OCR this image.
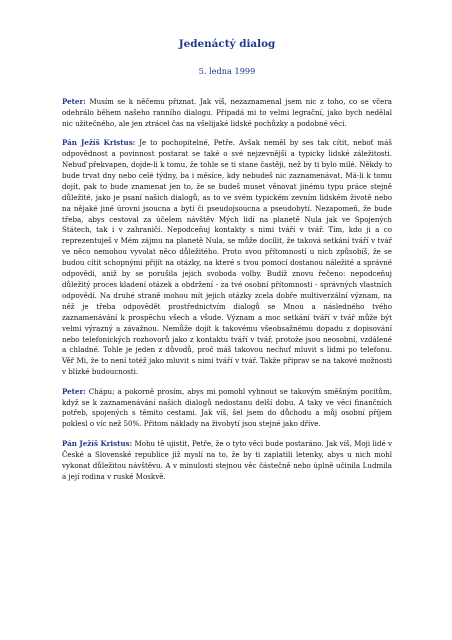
Jedenáctý dialog
5. ledna 1999

Peter: Musím se k něčemu přiznat. Jak víš, nezaznamenal jsem nic z toho, co se včera odehrálo během našeho ranního dialogu. Připadá mi to velmi legrační, jako bych nedělal nic užitečného, ale jen ztrácel čas na všelijaké lidské pochůzky a podobné věci.

Pán Ježíš Kristus: Je to pochopitelné, Petře. Avšak neměl by ses tak cítit, neboť máš odpovědnost a povinnost postarat se také o své nejzevnější a typicky lidské záležitosti. Nebuď překvapen, dojde-li k tomu, že tohle se ti stane častěji, než by ti bylo milé. Někdy to bude trvat dny nebo celé týdny, ba i měsíce, kdy nebudeš nic zaznamenávat. Má-li k tomu dojít, pak to bude znamenat jen to, že se budeš muset věnovat jinému typu práce stejně důležité, jako je psaní našich dialogů, as to ve svém typickém zevním lidském životě nebo na nějaké jiné úrovni jsoucna a bytí či pseudojsoucna a pseudobytí. Nezapomeň, že bude třeba, abys cestoval za účelem návštěv Mých lidí na planetě Nula jak ve Spojených Státech, tak i v zahraničí. Nepodceňuj kontakty s nimi tváří v tvář. Tím, kdo ji a co reprezentuješ v Mém zájmu na planetě Nula, se může docílit, že taková setkání tváří v tvář ve něco nemohou vyvolat něco důležitého. Proto svou přítomností u nich způsobíš, že se budou cítit schopnými přijít na otázky, na které s tvou pomocí dostanou náležité a správné odpovědi, aniž by se porušila jejich svoboda volby. Budiž znovu řečeno: nepodceňuj důležitý proces kladení otázek a obdržení - za tvé osobní přítomnosti - správných vlastních odpovědí. Na druhé straně mohou mít jejich otázky zcela dobře multiverzální význam, na něž je třeba odpovědět prostřednictvím dialogů se Mnou a následného tvého zaznamenávání k prospěchu všech a všude. Význam a moc setkání tváří v tvář může být velmi výrazný a závažnou. Nemůže dojít k takovému všeobsažnému dopadu z dopisování nebo telefonických rozhovorů jako z kontaktu tváří v tvář, protože jsou neosobní, vzdálené a chladné. Tohle je jeden z důvodů, proč máš takovou nechuť mluvit s lidmi po telefonu. Věř Mi, že to není totéž jako mluvit s nimi tváří v tvář. Takže připrav se na takové možnosti v blízké budoucnosti.

Peter: Chápu; a pokorně prosím, abys mi pomohl vyhnout se takovým směšným pocitům, když se k zaznamenávání našich dialogů nedostanu delší dobu. A taky ve věci finančních potřeb, spojených s těmito cestami. Jak víš, šel jsem do důchodu a můj osobní příjem poklesl o víc než 50%. Přitom náklady na živobytí jsou stejné jako dříve.

Pán Ježíš Kristus: Mohu tě ujistit, Petře, že o tyto věci bude postaráno. Jak víš, Moji lidé v České a Slovenské republice již myslí na to, že by ti zaplatili letenky, abys u nich mohl vykonat důležitou návštěvu. A v minulosti stejnou věc částečně nebo úplně učinila Ludmila a její rodina v ruské Moskvě.
